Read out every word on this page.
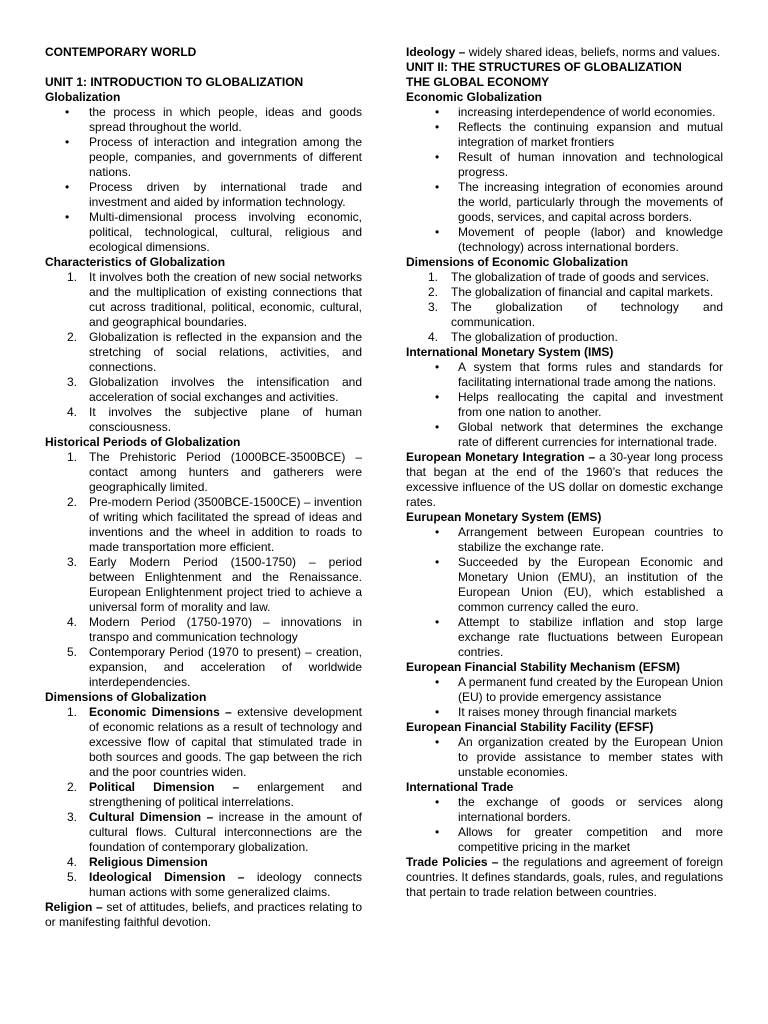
CONTEMPORARY WORLD

UNIT 1: INTRODUCTION TO GLOBALIZATION

Globalization

• the process in which people, ideas and goods spread throughout the world.
• Process of interaction and integration among the people, companies, and governments of different nations.
• Process driven by international trade and investment and aided by information technology.
• Multi-dimensional process involving economic, political, technological, cultural, religious and ecological dimensions.

Characteristics of Globalization

1. It involves both the creation of new social networks and the multiplication of existing connections that cut across traditional, political, economic, cultural, and geographical boundaries.
2. Globalization is reflected in the expansion and the stretching of social relations, activities, and connections.
3. Globalization involves the intensification and acceleration of social exchanges and activities.
4. It involves the subjective plane of human consciousness.

Historical Periods of Globalization

1. The Prehistoric Period (1000BCE-3500BCE) – contact among hunters and gatherers were geographically limited.
2. Pre-modern Period (3500BCE-1500CE) – invention of writing which facilitated the spread of ideas and inventions and the wheel in addition to roads to made transportation more efficient.
3. Early Modern Period (1500-1750) – period between Enlightenment and the Renaissance. European Enlightenment project tried to achieve a universal form of morality and law.
4. Modern Period (1750-1970) – innovations in transpo and communication technology
5. Contemporary Period (1970 to present) – creation, expansion, and acceleration of worldwide interdependencies.

Dimensions of Globalization

1. Economic Dimensions – extensive development of economic relations as a result of technology and excessive flow of capital that stimulated trade in both sources and goods. The gap between the rich and the poor countries widen.
2. Political Dimension – enlargement and strengthening of political interrelations.
3. Cultural Dimension – increase in the amount of cultural flows. Cultural interconnections are the foundation of contemporary globalization.
4. Religious Dimension
5. Ideological Dimension – ideology connects human actions with some generalized claims.

Religion – set of attitudes, beliefs, and practices relating to or manifesting faithful devotion.

Ideology – widely shared ideas, beliefs, norms and values.

UNIT II: THE STRUCTURES OF GLOBALIZATION

THE GLOBAL ECONOMY

Economic Globalization

• increasing interdependence of world economies.
• Reflects the continuing expansion and mutual integration of market frontiers
• Result of human innovation and technological progress.
• The increasing integration of economies around the world, particularly through the movements of goods, services, and capital across borders.
• Movement of people (labor) and knowledge (technology) across international borders.

Dimensions of Economic Globalization

1. The globalization of trade of goods and services.
2. The globalization of financial and capital markets.
3. The globalization of technology and communication.
4. The globalization of production.

International Monetary System (IMS)

• A system that forms rules and standards for facilitating international trade among the nations.
• Helps reallocating the capital and investment from one nation to another.
• Global network that determines the exchange rate of different currencies for international trade.

European Monetary Integration – a 30-year long process that began at the end of the 1960’s that reduces the excessive influence of the US dollar on domestic exchange rates.

Eurupean Monetary System (EMS)

• Arrangement between European countries to stabilize the exchange rate.
• Succeeded by the European Economic and Monetary Union (EMU), an institution of the European Union (EU), which established a common currency called the euro.
• Attempt to stabilize inflation and stop large exchange rate fluctuations between European contries.

European Financial Stability Mechanism (EFSM)

• A permanent fund created by the European Union (EU) to provide emergency assistance
• It raises money through financial markets

European Financial Stability Facility (EFSF)

• An organization created by the European Union to provide assistance to member states with unstable economies.

International Trade

• the exchange of goods or services along international borders.
• Allows for greater competition and more competitive pricing in the market

Trade Policies – the regulations and agreement of foreign countries. It defines standards, goals, rules, and regulations that pertain to trade relation between countries.
